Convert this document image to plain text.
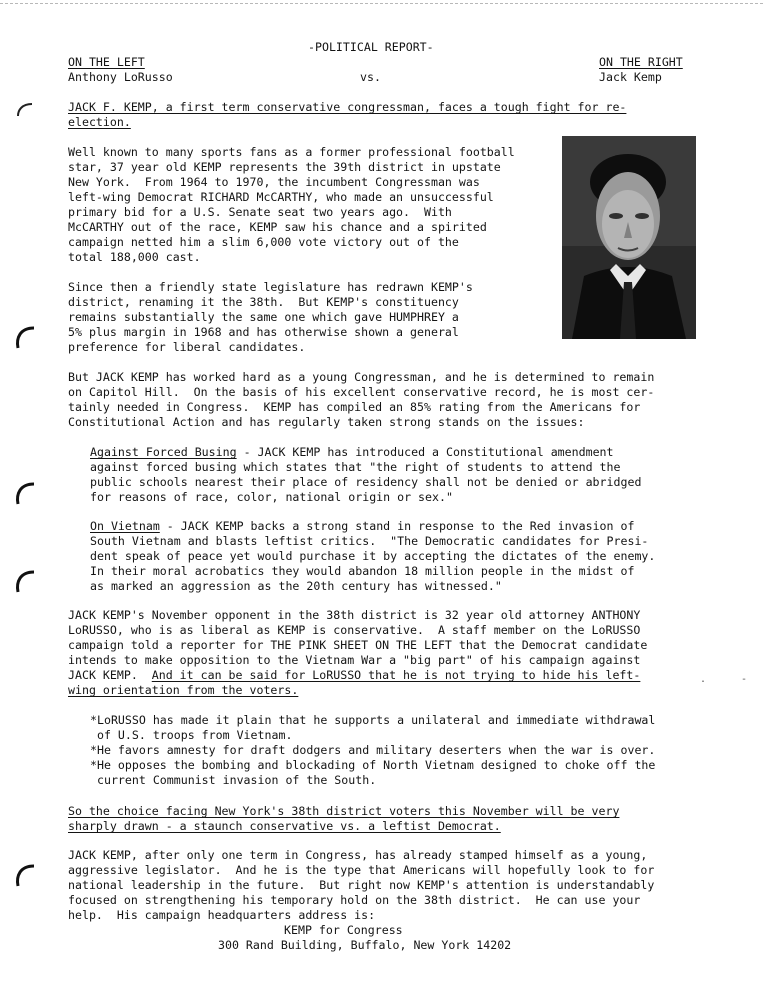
-POLITICAL REPORT-
ON THE LEFT
Anthony LoRusso	vs.
ON THE RIGHT
Jack Kemp
JACK F. KEMP, a first term conservative congressman, faces a tough fight for re-
election.
Well known to many sports fans as a former professional football
star, 37 year old KEMP represents the 39th district in upstate
New York.  From 1964 to 1970, the incumbent Congressman was
left-wing Democrat RICHARD McCARTHY, who made an unsuccessful
primary bid for a U.S. Senate seat two years ago.  With
McCARTHY out of the race, KEMP saw his chance and a spirited
campaign netted him a slim 6,000 vote victory out of the
total 188,000 cast.
Since then a friendly state legislature has redrawn KEMP's
district, renaming it the 38th.  But KEMP's constituency
remains substantially the same one which gave HUMPHREY a
5% plus margin in 1968 and has otherwise shown a general
preference for liberal candidates.
But JACK KEMP has worked hard as a young Congressman, and he is determined to remain
on Capitol Hill.  On the basis of his excellent conservative record, he is most cer-
tainly needed in Congress.  KEMP has compiled an 85% rating from the Americans for
Constitutional Action and has regularly taken strong stands on the issues:
Against Forced Busing - JACK KEMP has introduced a Constitutional amendment
against forced busing which states that "the right of students to attend the
public schools nearest their place of residency shall not be denied or abridged
for reasons of race, color, national origin or sex."
On Vietnam - JACK KEMP backs a strong stand in response to the Red invasion of
South Vietnam and blasts leftist critics.  "The Democratic candidates for Presi-
dent speak of peace yet would purchase it by accepting the dictates of the enemy.
In their moral acrobatics they would abandon 18 million people in the midst of
as marked an aggression as the 20th century has witnessed."
JACK KEMP's November opponent in the 38th district is 32 year old attorney ANTHONY
LoRUSSO, who is as liberal as KEMP is conservative.  A staff member on the LoRUSSO
campaign told a reporter for THE PINK SHEET ON THE LEFT that the Democrat candidate
intends to make opposition to the Vietnam War a "big part" of his campaign against
JACK KEMP.  And it can be said for LoRUSSO that he is not trying to hide his left-
wing orientation from the voters.
.	-
*LoRUSSO has made it plain that he supports a unilateral and immediate withdrawal
of U.S. troops from Vietnam.
*He favors amnesty for draft dodgers and military deserters when the war is over.
*He opposes the bombing and blockading of North Vietnam designed to choke off the
current Communist invasion of the South.
So the choice facing New York's 38th district voters this November will be very
sharply drawn - a staunch conservative vs. a leftist Democrat.
JACK KEMP, after only one term in Congress, has already stamped himself as a young,
aggressive legislator.  And he is the type that Americans will hopefully look to for
national leadership in the future.  But right now KEMP's attention is understandably
focused on strengthening his temporary hold on the 38th district.  He can use your
help.  His campaign headquarters address is:
KEMP for Congress
300 Rand Building, Buffalo, New York 14202
